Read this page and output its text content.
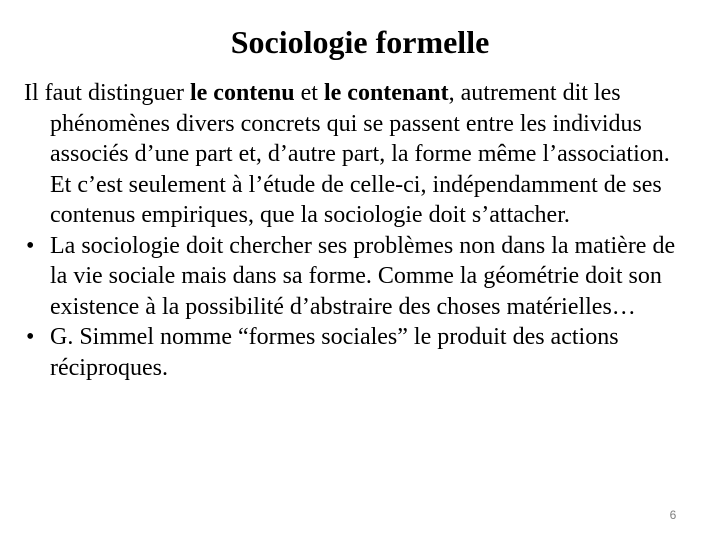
Sociologie formelle

Il faut distinguer le contenu et le contenant, autrement dit les phénomènes divers concrets qui se passent entre les individus associés d’une part et, d’autre part, la forme même l’association. Et c’est seulement à l’étude de celle-ci, indépendamment de ses contenus empiriques, que la sociologie doit s’attacher.

• La sociologie doit chercher ses problèmes non dans la matière de la vie sociale mais dans sa forme. Comme la géométrie doit son existence à la possibilité d’abstraire des choses matérielles…

• G. Simmel nomme “formes sociales” le produit des actions réciproques.

6
